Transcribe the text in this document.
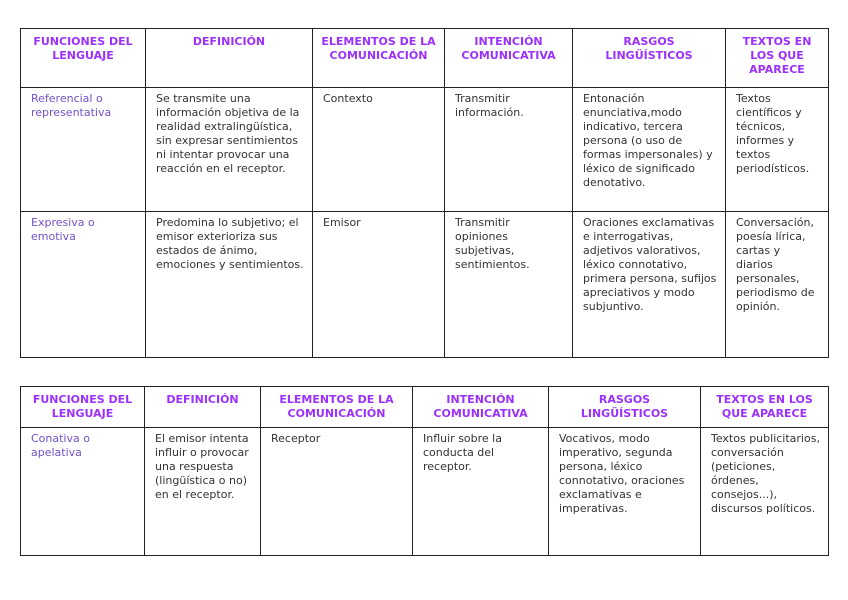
FUNCIONES DEL LENGUAJE	DEFINICIÓN	ELEMENTOS DE LA COMUNICACIÓN	INTENCIÓN COMUNICATIVA	RASGOS LINGÜÍSTICOS	TEXTOS EN LOS QUE APARECE
Referencial o representativa	Se transmite una información objetiva de la realidad extralingüística, sin expresar sentimientos ni intentar provocar una reacción en el receptor.	Contexto	Transmitir información.	Entonación enunciativa,modo indicativo, tercera persona (o uso de formas impersonales) y léxico de significado denotativo.	Textos científicos y técnicos, informes y textos periodísticos.
Expresiva o emotiva	Predomina lo subjetivo; el emisor exterioriza sus estados de ánimo, emociones y sentimientos.	Emisor	Transmitir opiniones subjetivas, sentimientos.	Oraciones exclamativas e interrogativas, adjetivos valorativos, léxico connotativo, primera persona, sufijos apreciativos y modo subjuntivo.	Conversación, poesía lírica, cartas y diarios personales, periodismo de opinión.
FUNCIONES DEL LENGUAJE	DEFINICIÓN	ELEMENTOS DE LA COMUNICACIÓN	INTENCIÓN COMUNICATIVA	RASGOS LINGÜÍSTICOS	TEXTOS EN LOS QUE APARECE
Conativa o apelativa	El emisor intenta influir o provocar una respuesta (lingüística o no) en el receptor.	Receptor	Influir sobre la conducta del receptor.	Vocativos, modo imperativo, segunda persona, léxico connotativo, oraciones exclamativas e imperativas.	Textos publicitarios, conversación (peticiones, órdenes, consejos...), discursos políticos.
